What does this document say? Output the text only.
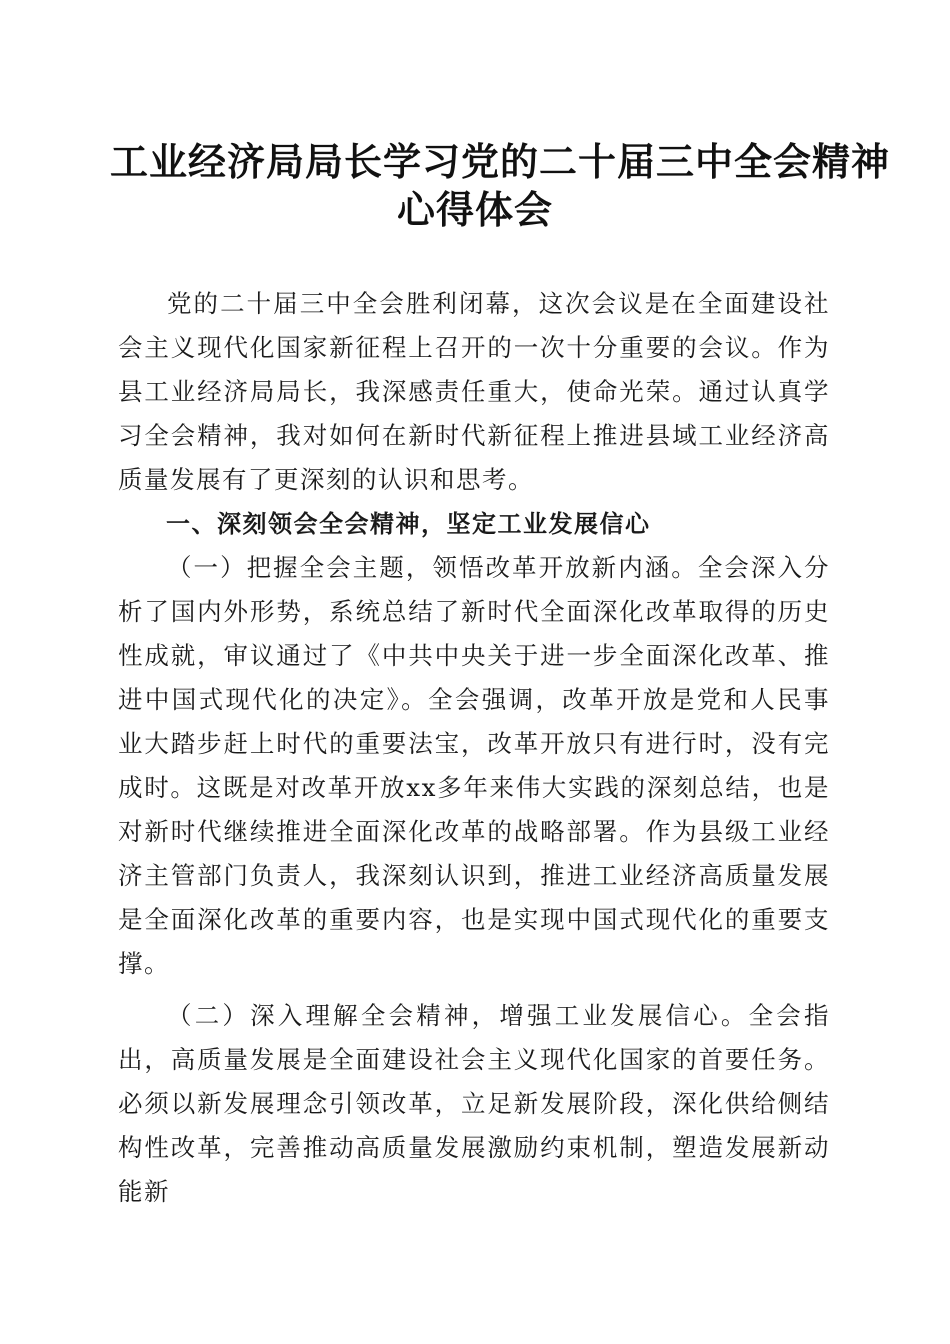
工业经济局局长学习党的二十届三中全会精神
心得体会

党的二十届三中全会胜利闭幕，这次会议是在全面建设社会主义现代化国家新征程上召开的一次十分重要的会议。作为县工业经济局局长，我深感责任重大，使命光荣。通过认真学习全会精神，我对如何在新时代新征程上推进县域工业经济高质量发展有了更深刻的认识和思考。

一、深刻领会全会精神，坚定工业发展信心

（一）把握全会主题，领悟改革开放新内涵。全会深入分析了国内外形势，系统总结了新时代全面深化改革取得的历史性成就，审议通过了《中共中央关于进一步全面深化改革、推进中国式现代化的决定》。全会强调，改革开放是党和人民事业大踏步赶上时代的重要法宝，改革开放只有进行时，没有完成时。这既是对改革开放xx多年来伟大实践的深刻总结，也是对新时代继续推进全面深化改革的战略部署。作为县级工业经济主管部门负责人，我深刻认识到，推进工业经济高质量发展是全面深化改革的重要内容，也是实现中国式现代化的重要支撑。

（二）深入理解全会精神，增强工业发展信心。全会指出，高质量发展是全面建设社会主义现代化国家的首要任务。必须以新发展理念引领改革，立足新发展阶段，深化供给侧结构性改革，完善推动高质量发展激励约束机制，塑造发展新动能新
